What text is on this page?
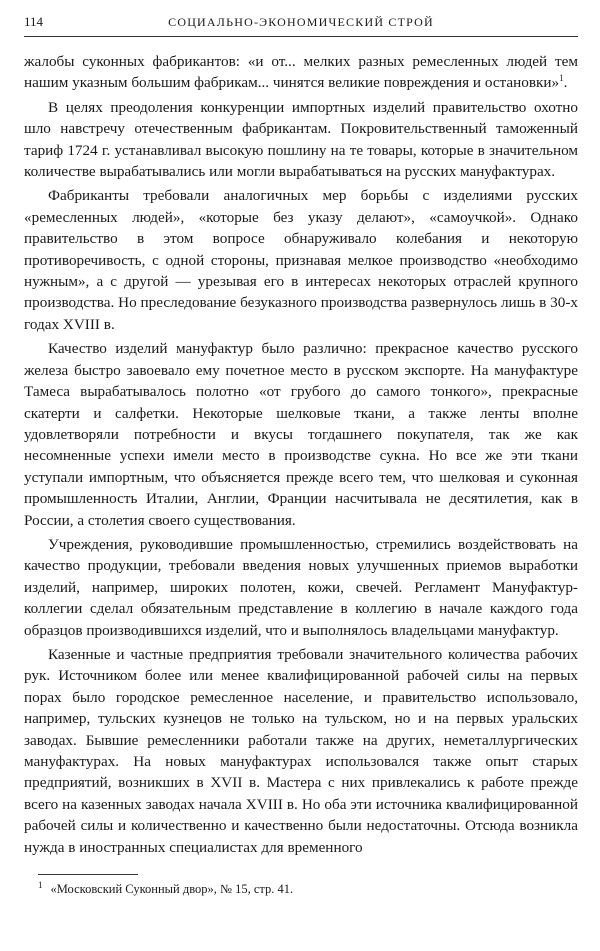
114	СОЦИАЛЬНО-ЭКОНОМИЧЕСКИЙ СТРОЙ

жалобы суконных фабрикантов: «и от... мелких разных ремесленных людей тем нашим указным большим фабрикам... чинятся великие повреждения и остановки»$^1$.

В целях преодоления конкуренции импортных изделий правительство охотно шло навстречу отечественным фабрикантам. Покровительственный таможенный тариф 1724 г. устанавливал высокую пошлину на те товары, которые в значительном количестве вырабатывались или могли вырабатываться на русских мануфактурах.

Фабриканты требовали аналогичных мер борьбы с изделиями русских «ремесленных людей», «которые без указу делают», «самоучкой». Однако правительство в этом вопросе обнаруживало колебания и некоторую противоречивость, с одной стороны, признавая мелкое производство «необходимо нужным», а с другой — урезывая его в интересах некоторых отраслей крупного производства. Но преследование безуказного производства развернулось лишь в 30-х годах XVIII в.

Качество изделий мануфактур было различно: прекрасное качество русского железа быстро завоевало ему почетное место в русском экспорте. На мануфактуре Тамеса вырабатывалось полотно «от грубого до самого тонкого», прекрасные скатерти и салфетки. Некоторые шелковые ткани, а также ленты вполне удовлетворяли потребности и вкусы тогдашнего покупателя, так же как несомненные успехи имели место в производстве сукна. Но все же эти ткани уступали импортным, что объясняется прежде всего тем, что шелковая и суконная промышленность Италии, Англии, Франции насчитывала не десятилетия, как в России, а столетия своего существования.

Учреждения, руководившие промышленностью, стремились воздействовать на качество продукции, требовали введения новых улучшенных приемов выработки изделий, например, широких полотен, кожи, свечей. Регламент Мануфактур-коллегии сделал обязательным представление в коллегию в начале каждого года образцов производившихся изделий, что и выполнялось владельцами мануфактур.

Казенные и частные предприятия требовали значительного количества рабочих рук. Источником более или менее квалифицированной рабочей силы на первых порах было городское ремесленное население, и правительство использовало, например, тульских кузнецов не только на тульском, но и на первых уральских заводах. Бывшие ремесленники работали также на других, неметаллургических мануфактурах. На новых мануфактурах использовался также опыт старых предприятий, возникших в XVII в. Мастера с них привлекались к работе прежде всего на казенных заводах начала XVIII в. Но оба эти источника квалифицированной рабочей силы и количественно и качественно были недостаточны. Отсюда возникла нужда в иностранных специалистах для временного

1 «Московский Суконный двор», № 15, стр. 41.
